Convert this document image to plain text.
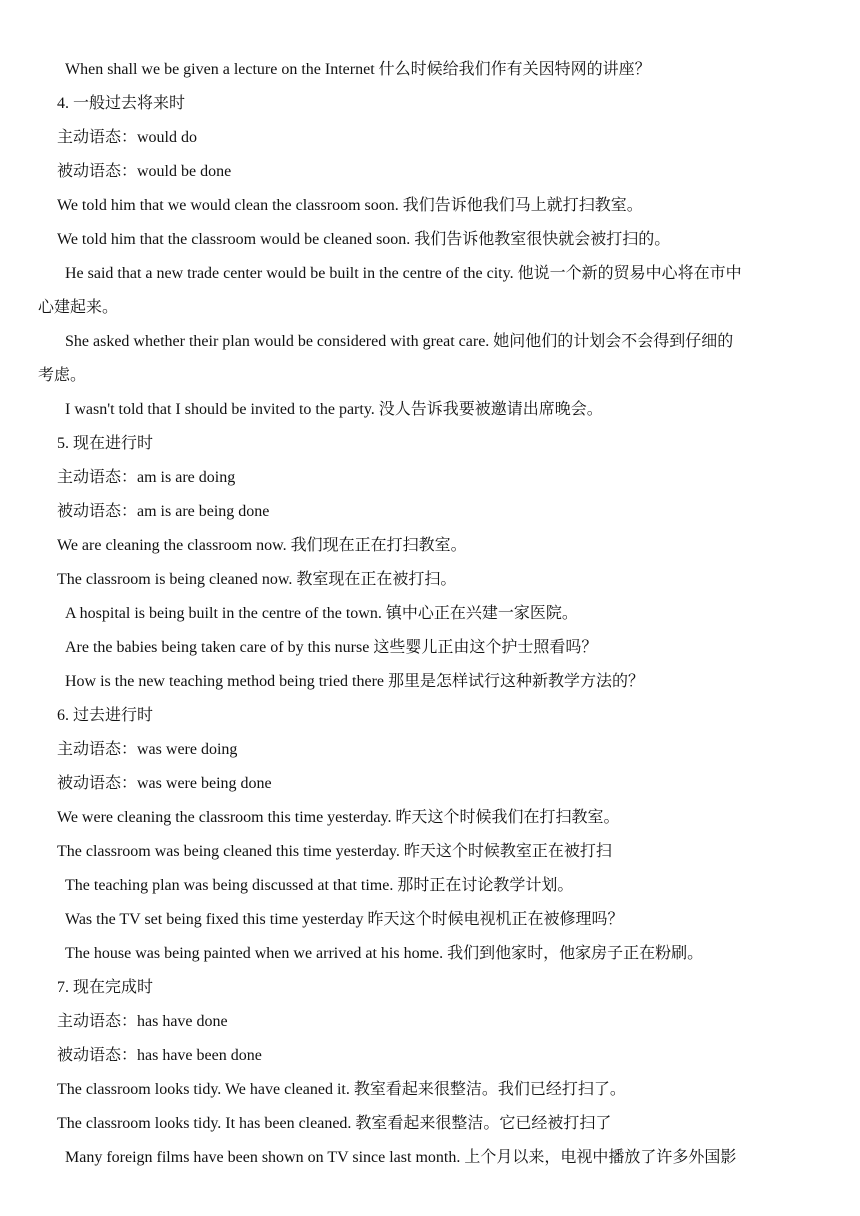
When shall we be given a lecture on the Internet 什么时候给我们作有关因特网的讲座？
4. 一般过去将来时
主动语态：would do
被动语态：would be done
We told him that we would clean the classroom soon. 我们告诉他我们马上就打扫教室。
We told him that the classroom would be cleaned soon. 我们告诉他教室很快就会被打扫的。
He said that a new trade center would be built in the centre of the city. 他说一个新的贸易中心将在市中
心建起来。
She asked whether their plan would be considered with great care. 她问他们的计划会不会得到仔细的
考虑。
I wasn't told that I should be invited to the party. 没人告诉我要被邀请出席晚会。
5. 现在进行时
主动语态：am is are doing
被动语态：am is are being done
We are cleaning the classroom now. 我们现在正在打扫教室。
The classroom is being cleaned now. 教室现在正在被打扫。
A hospital is being built in the centre of the town. 镇中心正在兴建一家医院。
Are the babies being taken care of by this nurse 这些婴儿正由这个护士照看吗？
How is the new teaching method being tried there 那里是怎样试行这种新教学方法的？
6. 过去进行时
主动语态：was were doing
被动语态：was were being done
We were cleaning the classroom this time yesterday. 昨天这个时候我们在打扫教室。
The classroom was being cleaned this time yesterday. 昨天这个时候教室正在被打扫
The teaching plan was being discussed at that time. 那时正在讨论教学计划。
Was the TV set being fixed this time yesterday 昨天这个时候电视机正在被修理吗？
The house was being painted when we arrived at his home. 我们到他家时，他家房子正在粉刷。
7. 现在完成时
主动语态：has have done
被动语态：has have been done
The classroom looks tidy. We have cleaned it. 教室看起来很整洁。我们已经打扫了。
The classroom looks tidy. It has been cleaned. 教室看起来很整洁。它已经被打扫了
Many foreign films have been shown on TV since last month. 上个月以来，电视中播放了许多外国影
